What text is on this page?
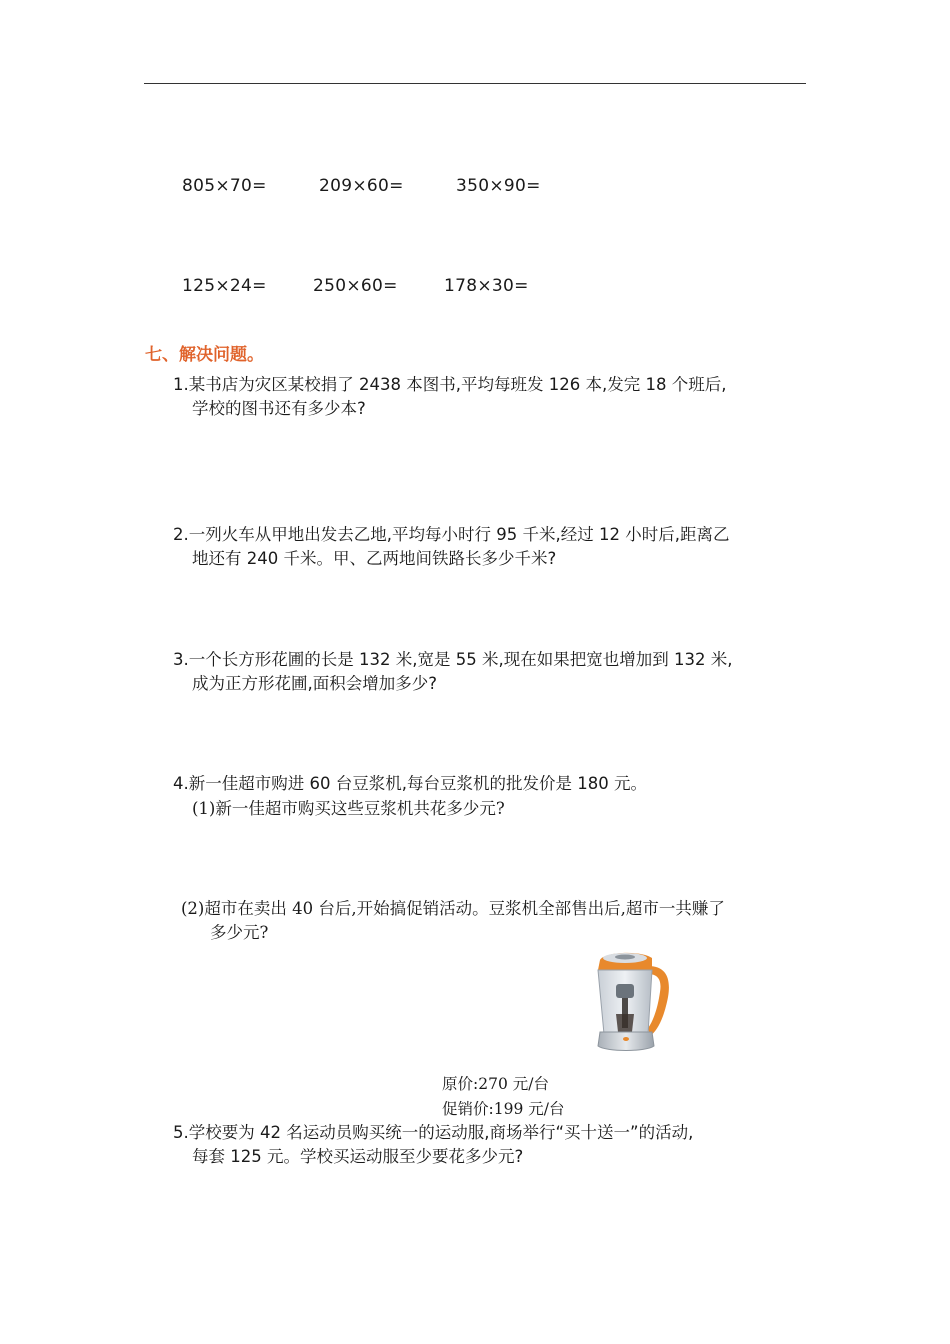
805×70=	209×60=	350×90=
125×24=	250×60=	178×30=
七、解决问题。
1.某书店为灾区某校捐了 2438 本图书,平均每班发 126 本,发完 18 个班后,
学校的图书还有多少本?
2.一列火车从甲地出发去乙地,平均每小时行 95 千米,经过 12 小时后,距离乙
地还有 240 千米。甲、乙两地间铁路长多少千米?
3.一个长方形花圃的长是 132 米,宽是 55 米,现在如果把宽也增加到 132 米,
成为正方形花圃,面积会增加多少?
4.新一佳超市购进 60 台豆浆机,每台豆浆机的批发价是 180 元。
(1)新一佳超市购买这些豆浆机共花多少元?
(2)超市在卖出 40 台后,开始搞促销活动。豆浆机全部售出后,超市一共赚了
多少元?
原价:270 元/台
促销价:199 元/台
5.学校要为 42 名运动员购买统一的运动服,商场举行“买十送一”的活动,
每套 125 元。学校买运动服至少要花多少元?
